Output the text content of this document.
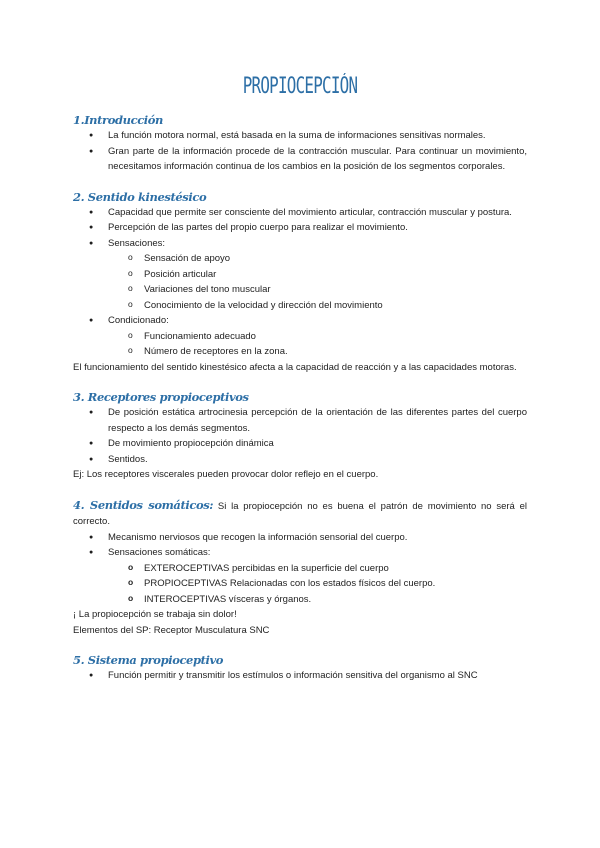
PROPIOCEPCIÓN
1.Introducción
● La función motora normal, está basada en la suma de informaciones sensitivas normales.
● Gran parte de la información procede de la contracción muscular. Para continuar un movimiento, necesitamos información continua de los cambios en la posición de los segmentos corporales.
2. Sentido kinestésico
● Capacidad que permite ser consciente del movimiento articular, contracción muscular y postura.
● Percepción de las partes del propio cuerpo para realizar el movimiento.
● Sensaciones:
o Sensación de apoyo
o Posición articular
o Variaciones del tono muscular
o Conocimiento de la velocidad y dirección del movimiento
● Condicionado:
o Funcionamiento adecuado
o Número de receptores en la zona.
El funcionamiento del sentido kinestésico afecta a la capacidad de reacción y a las capacidades motoras.
3. Receptores propioceptivos
● De posición estática artrocinesia percepción de la orientación de las diferentes partes del cuerpo respecto a los demás segmentos.
● De movimiento propiocepción dinámica
● Sentidos.
Ej: Los receptores viscerales pueden provocar dolor reflejo en el cuerpo.
4. Sentidos somáticos: Si la propiocepción no es buena el patrón de movimiento no será el correcto.
● Mecanismo nerviosos que recogen la información sensorial del cuerpo.
● Sensaciones somáticas:
o EXTEROCEPTIVAS percibidas en la superficie del cuerpo
o PROPIOCEPTIVAS Relacionadas con los estados físicos del cuerpo.
o INTEROCEPTIVAS vísceras y órganos.
¡ La propiocepción se trabaja sin dolor!
Elementos del SP: Receptor Musculatura SNC
5. Sistema propioceptivo
● Función permitir y transmitir los estímulos o información sensitiva del organismo al SNC
